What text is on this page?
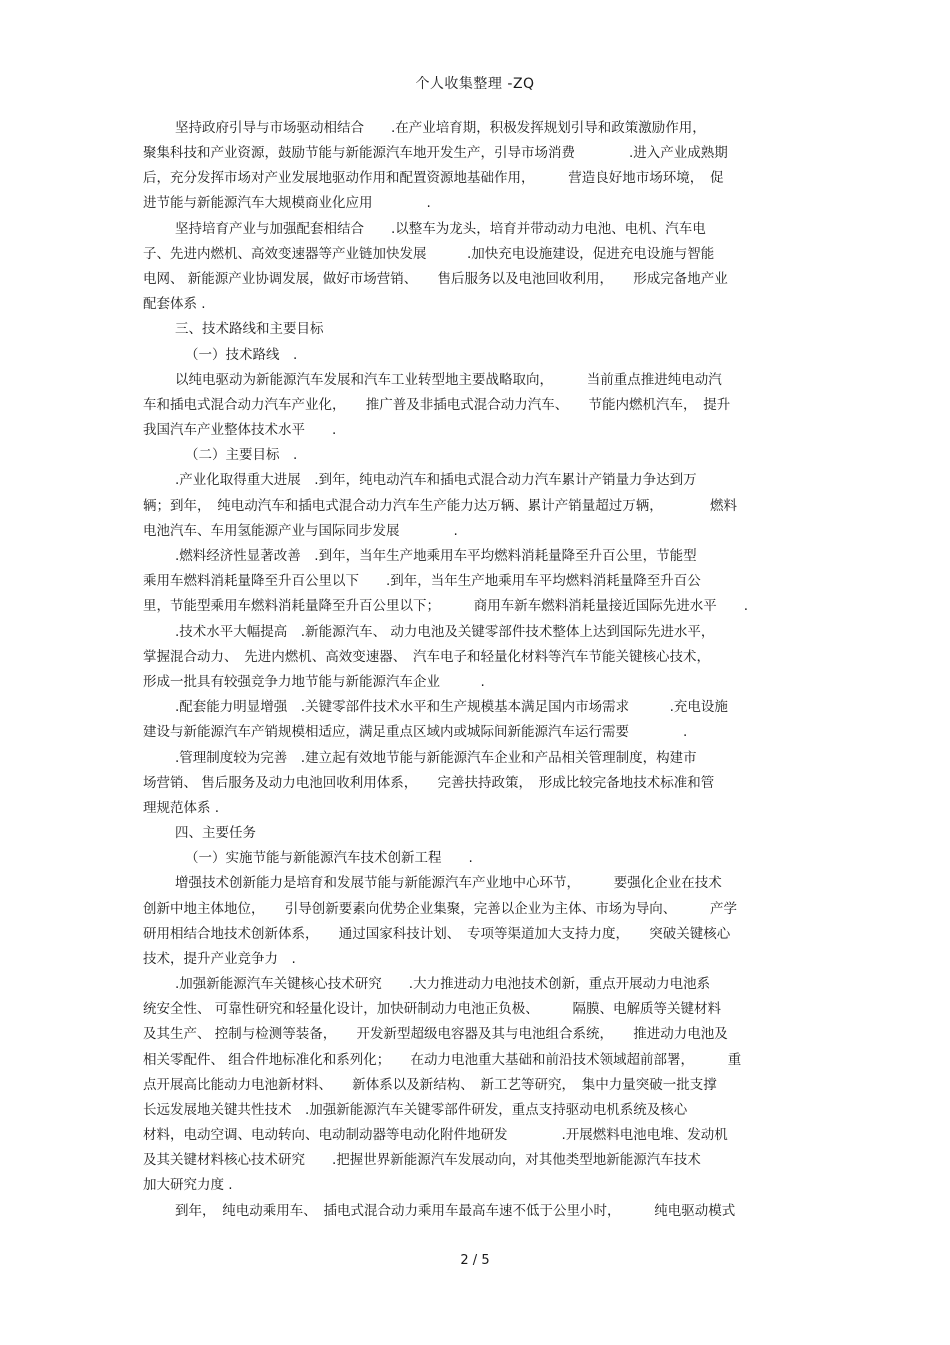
个人收集整理 -ZQ
坚持政府引导与市场驱动相结合　　.在产业培育期，积极发挥规划引导和政策激励作用，
聚集科技和产业资源，鼓励节能与新能源汽车地开发生产，引导市场消费　　　　.进入产业成熟期
后，充分发挥市场对产业发展地驱动作用和配置资源地基础作用，　　　营造良好地市场环境，　促
进节能与新能源汽车大规模商业化应用　　　　.
坚持培育产业与加强配套相结合　　.以整车为龙头，培育并带动动力电池、电机、汽车电
子、先进内燃机、高效变速器等产业链加快发展　　　.加快充电设施建设，促进充电设施与智能
电网、 新能源产业协调发展，做好市场营销、　　售后服务以及电池回收利用，　　形成完备地产业
配套体系 .
三、技术路线和主要目标
（一）技术路线　.
以纯电驱动为新能源汽车发展和汽车工业转型地主要战略取向，　　　当前重点推进纯电动汽
车和插电式混合动力汽车产业化，　　推广普及非插电式混合动力汽车、　　节能内燃机汽车，　提升
我国汽车产业整体技术水平　　.
（二）主要目标　.
.产业化取得重大进展　.到年，纯电动汽车和插电式混合动力汽车累计产销量力争达到万
辆；到年，　纯电动汽车和插电式混合动力汽车生产能力达万辆、累计产销量超过万辆，　　　　燃料
电池汽车、车用氢能源产业与国际同步发展　　　　.
.燃料经济性显著改善　.到年，当年生产地乘用车平均燃料消耗量降至升百公里，节能型
乘用车燃料消耗量降至升百公里以下　　.到年，当年生产地乘用车平均燃料消耗量降至升百公
里，节能型乘用车燃料消耗量降至升百公里以下；　　　商用车新车燃料消耗量接近国际先进水平　　.
.技术水平大幅提高　.新能源汽车、 动力电池及关键零部件技术整体上达到国际先进水平，
掌握混合动力、　先进内燃机、高效变速器、　汽车电子和轻量化材料等汽车节能关键核心技术，
形成一批具有较强竞争力地节能与新能源汽车企业　　　.
.配套能力明显增强　.关键零部件技术水平和生产规模基本满足国内市场需求　　　.充电设施
建设与新能源汽车产销规模相适应，满足重点区域内或城际间新能源汽车运行需要　　　　.
.管理制度较为完善　.建立起有效地节能与新能源汽车企业和产品相关管理制度，构建市
场营销、 售后服务及动力电池回收利用体系，　　完善扶持政策，　形成比较完备地技术标准和管
理规范体系 .
四、主要任务
（一）实施节能与新能源汽车技术创新工程　　.
增强技术创新能力是培育和发展节能与新能源汽车产业地中心环节，　　　要强化企业在技术
创新中地主体地位，　　引导创新要素向优势企业集聚，完善以企业为主体、市场为导向、　　　产学
研用相结合地技术创新体系，　　通过国家科技计划、　专项等渠道加大支持力度，　　突破关键核心
技术，提升产业竞争力　.
.加强新能源汽车关键核心技术研究　　.大力推进动力电池技术创新，重点开展动力电池系
统安全性、 可靠性研究和轻量化设计，加快研制动力电池正负极、　　　隔膜、电解质等关键材料
及其生产、 控制与检测等装备，　　开发新型超级电容器及其与电池组合系统，　　推进动力电池及
相关零配件、 组合件地标准化和系列化；　　在动力电池重大基础和前沿技术领域超前部署，　　　重
点开展高比能动力电池新材料、　　新体系以及新结构、　新工艺等研究，　集中力量突破一批支撑
长远发展地关键共性技术　.加强新能源汽车关键零部件研发，重点支持驱动电机系统及核心
材料，电动空调、电动转向、电动制动器等电动化附件地研发　　　　.开展燃料电池电堆、发动机
及其关键材料核心技术研究　　.把握世界新能源汽车发展动向，对其他类型地新能源汽车技术
加大研究力度 .
到年，　纯电动乘用车、　插电式混合动力乘用车最高车速不低于公里小时，　　　纯电驱动模式
2 / 5
